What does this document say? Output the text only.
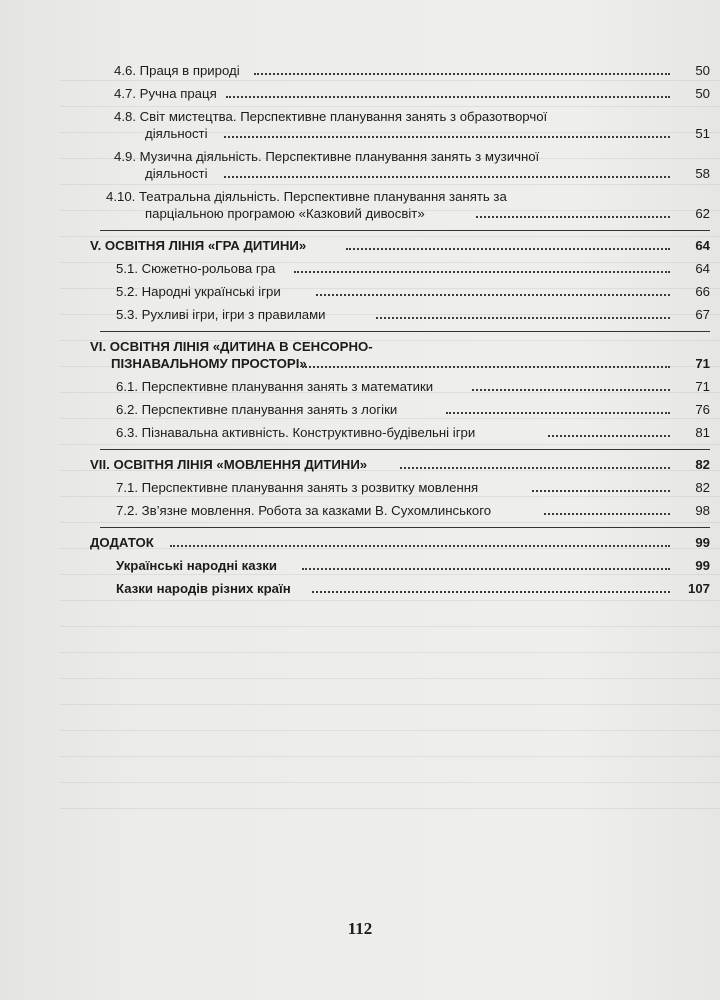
4.6. Праця в природі	50
4.7. Ручна праця	50
4.8. Світ мистецтва. Перспективне планування занять з образотворчої
діяльності	51
4.9. Музична діяльність. Перспективне планування занять з музичної
діяльності	58
4.10. Театральна діяльність. Перспективне планування занять за
парціальною програмою «Казковий дивосвіт»	62
V. ОСВІТНЯ ЛІНІЯ «ГРА ДИТИНИ»	64
5.1. Сюжетно-рольова гра	64
5.2. Народні українські ігри	66
5.3. Рухливі ігри, ігри з правилами	67
VI. ОСВІТНЯ ЛІНІЯ «ДИТИНА В СЕНСОРНО-
ПІЗНАВАЛЬНОМУ ПРОСТОРІ»	71
6.1. Перспективне планування занять з математики	71
6.2. Перспективне планування занять з логіки	76
6.3. Пізнавальна активність. Конструктивно-будівельні ігри	81
VII. ОСВІТНЯ ЛІНІЯ «МОВЛЕННЯ ДИТИНИ»	82
7.1. Перспективне планування занять з розвитку мовлення	82
7.2. Зв’язне мовлення. Робота за казками В. Сухомлинського	98
ДОДАТОК	99
Українські народні казки	99
Казки народів різних країн	107
112
